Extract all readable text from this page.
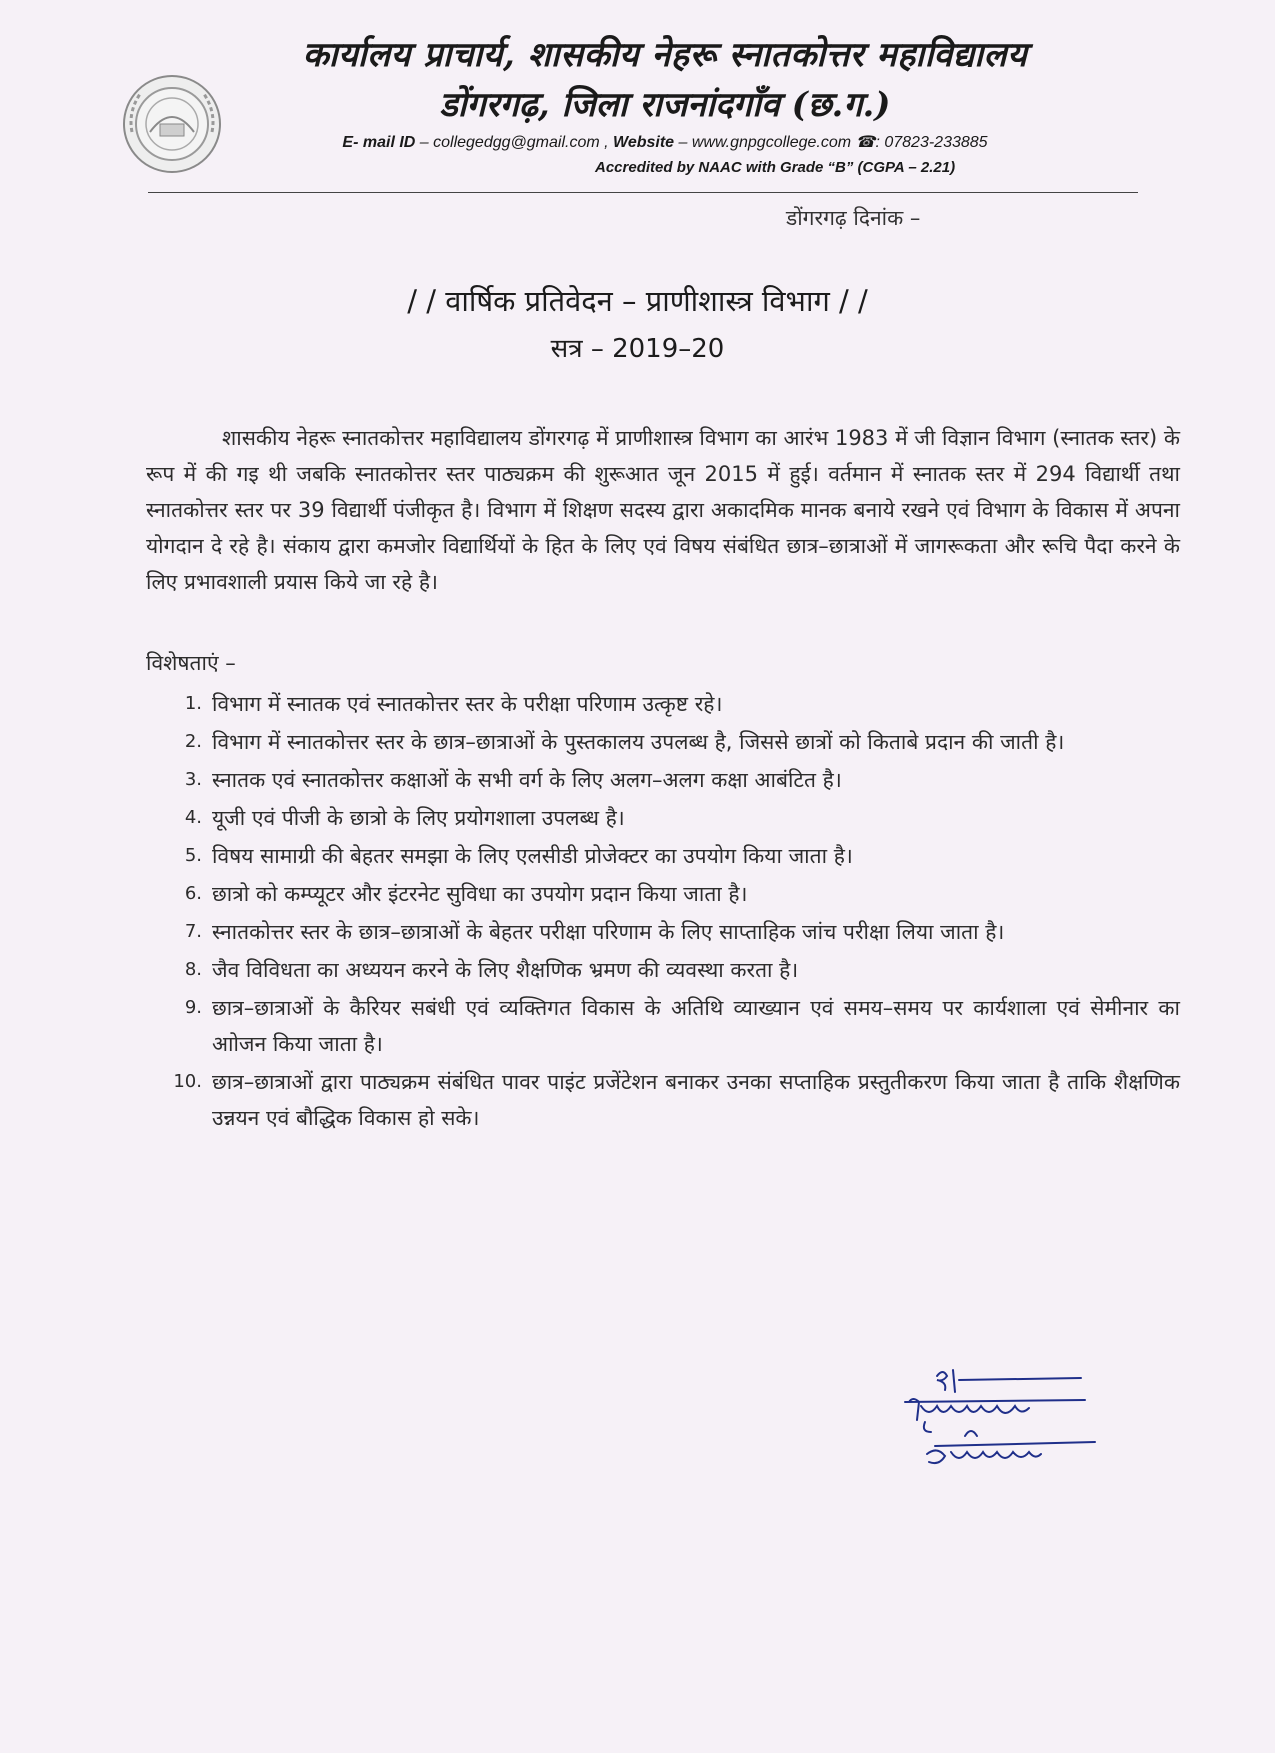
कार्यालय प्राचार्य, शासकीय नेहरू स्नातकोत्तर महाविद्यालय
डोंगरगढ़, जिला राजनांदगाँव (छ.ग.)
E- mail ID – collegedgg@gmail.com , Website – www.gnpgcollege.com ☎: 07823-233885
Accredited by NAAC with Grade “B” (CGPA – 2.21)
डोंगरगढ़ दिनांक –
/ / वार्षिक प्रतिवेदन – प्राणीशास्त्र विभाग / /
सत्र – 2019–20
शासकीय नेहरू स्नातकोत्तर महाविद्यालय डोंगरगढ़ में प्राणीशास्त्र विभाग का आरंभ 1983 में जी विज्ञान विभाग (स्नातक स्तर) के रूप में की गइ थी जबकि स्नातकोत्तर स्तर पाठ्यक्रम की शुरूआत जून 2015 में हुई। वर्तमान में स्नातक स्तर में 294 विद्यार्थी तथा स्नातकोत्तर स्तर पर 39 विद्यार्थी पंजीकृत है। विभाग में शिक्षण सदस्य द्वारा अकादमिक मानक बनाये रखने एवं विभाग के विकास में अपना योगदान दे रहे है। संकाय द्वारा कमजोर विद्यार्थियों के हित के लिए एवं विषय संबंधित छात्र–छात्राओं में जागरूकता और रूचि पैदा करने के लिए प्रभावशाली प्रयास किये जा रहे है।
विशेषताएं –
1. विभाग में स्नातक एवं स्नातकोत्तर स्तर के परीक्षा परिणाम उत्कृष्ट रहे।
2. विभाग में स्नातकोत्तर स्तर के छात्र–छात्राओं के पुस्तकालय उपलब्ध है, जिससे छात्रों को किताबे प्रदान की जाती है।
3. स्नातक एवं स्नातकोत्तर कक्षाओं के सभी वर्ग के लिए अलग–अलग कक्षा आबंटित है।
4. यूजी एवं पीजी के छात्रो के लिए प्रयोगशाला उपलब्ध है।
5. विषय सामाग्री की बेहतर समझा के लिए एलसीडी प्रोजेक्टर का उपयोग किया जाता है।
6. छात्रो को कम्प्यूटर और इंटरनेट सुविधा का उपयोग प्रदान किया जाता है।
7. स्नातकोत्तर स्तर के छात्र–छात्राओं के बेहतर परीक्षा परिणाम के लिए साप्ताहिक जांच परीक्षा लिया जाता है।
8. जैव विविधता का अध्ययन करने के लिए शैक्षणिक भ्रमण की व्यवस्था करता है।
9. छात्र–छात्राओं के कैरियर सबंधी एवं व्यक्तिगत विकास के अतिथि व्याख्यान एवं समय–समय पर कार्यशाला एवं सेमीनार का आोजन किया जाता है।
10. छात्र–छात्राओं द्वारा पाठ्यक्रम संबंधित पावर पाइंट प्रजेंटेशन बनाकर उनका सप्ताहिक प्रस्तुतीकरण किया जाता है ताकि शैक्षणिक उन्नयन एवं बौद्धिक विकास हो सके।
